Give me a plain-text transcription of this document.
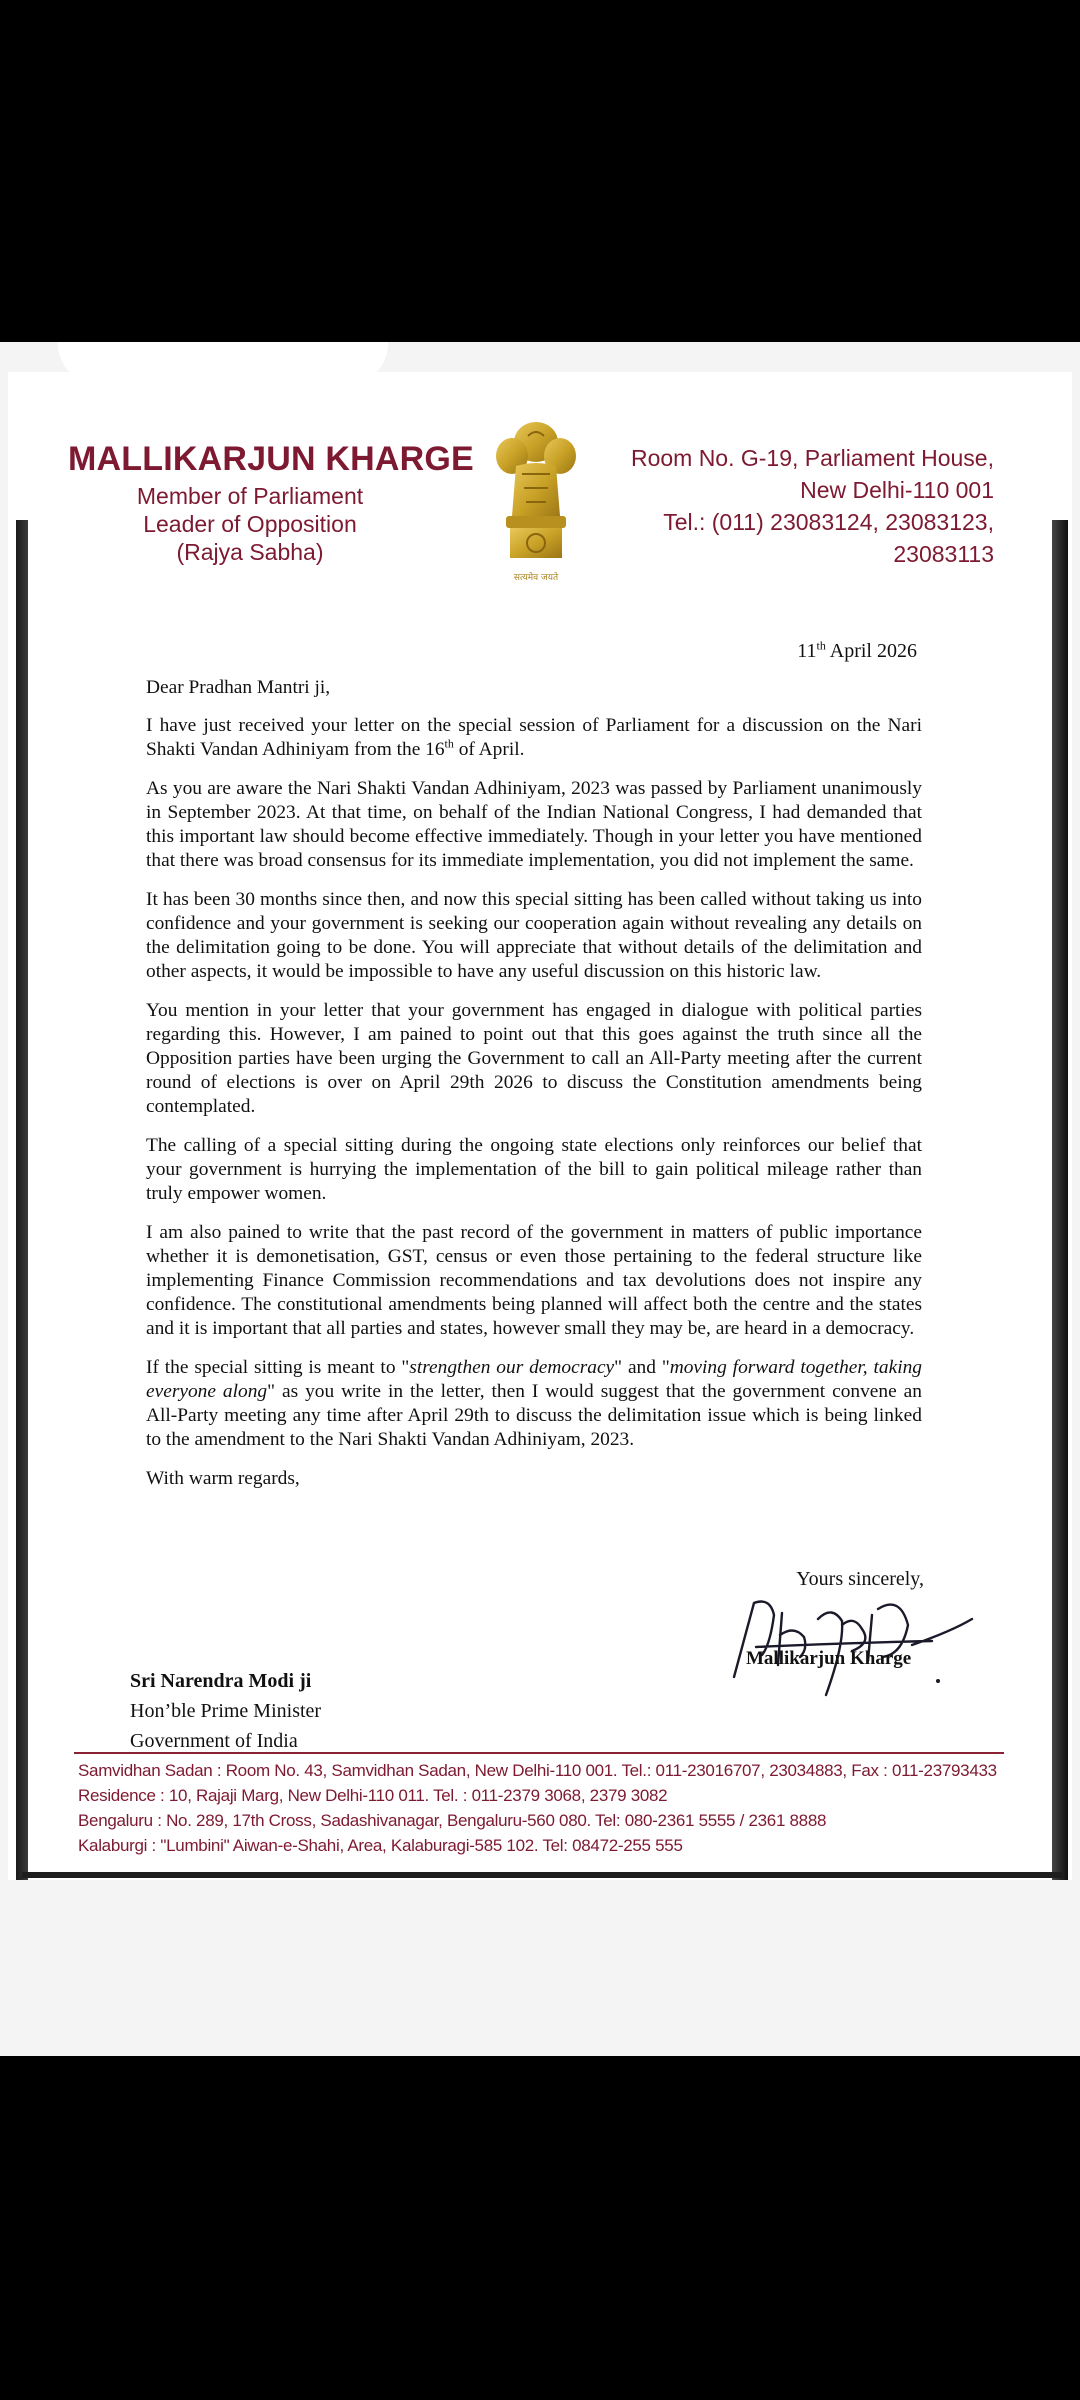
MALLIKARJUN KHARGE
Member of Parliament
Leader of Opposition
(Rajya Sabha)
सत्यमेव जयते
Room No. G-19, Parliament House,
New Delhi-110 001
Tel.: (011) 23083124, 23083123,
23083113
11th April 2026

Dear Pradhan Mantri ji,

I have just received your letter on the special session of Parliament for a discussion on the Nari Shakti Vandan Adhiniyam from the 16th of April.

As you are aware the Nari Shakti Vandan Adhiniyam, 2023 was passed by Parliament unanimously in September 2023. At that time, on behalf of the Indian National Congress, I had demanded that this important law should become effective immediately. Though in your letter you have mentioned that there was broad consensus for its immediate implementation, you did not implement the same.

It has been 30 months since then, and now this special sitting has been called without taking us into confidence and your government is seeking our cooperation again without revealing any details on the delimitation going to be done. You will appreciate that without details of the delimitation and other aspects, it would be impossible to have any useful discussion on this historic law.

You mention in your letter that your government has engaged in dialogue with political parties regarding this. However, I am pained to point out that this goes against the truth since all the Opposition parties have been urging the Government to call an All-Party meeting after the current round of elections is over on April 29th 2026 to discuss the Constitution amendments being contemplated.

The calling of a special sitting during the ongoing state elections only reinforces our belief that your government is hurrying the implementation of the bill to gain political mileage rather than truly empower women.

I am also pained to write that the past record of the government in matters of public importance whether it is demonetisation, GST, census or even those pertaining to the federal structure like implementing Finance Commission recommendations and tax devolutions does not inspire any confidence. The constitutional amendments being planned will affect both the centre and the states and it is important that all parties and states, however small they may be, are heard in a democracy.

If the special sitting is meant to "strengthen our democracy" and "moving forward together, taking everyone along" as you write in the letter, then I would suggest that the government convene an All-Party meeting any time after April 29th to discuss the delimitation issue which is being linked to the amendment to the Nari Shakti Vandan Adhiniyam, 2023.

With warm regards,

Yours sincerely,
Mallikarjun Kharge
Sri Narendra Modi ji
Hon’ble Prime Minister
Government of India
Samvidhan Sadan : Room No. 43, Samvidhan Sadan, New Delhi-110 001. Tel.: 011-23016707, 23034883, Fax : 011-23793433
Residence : 10, Rajaji Marg, New Delhi-110 011. Tel. : 011-2379 3068, 2379 3082
Bengaluru : No. 289, 17th Cross, Sadashivanagar, Bengaluru-560 080. Tel: 080-2361 5555 / 2361 8888
Kalaburgi : "Lumbini" Aiwan-e-Shahi, Area, Kalaburagi-585 102. Tel: 08472-255 555
